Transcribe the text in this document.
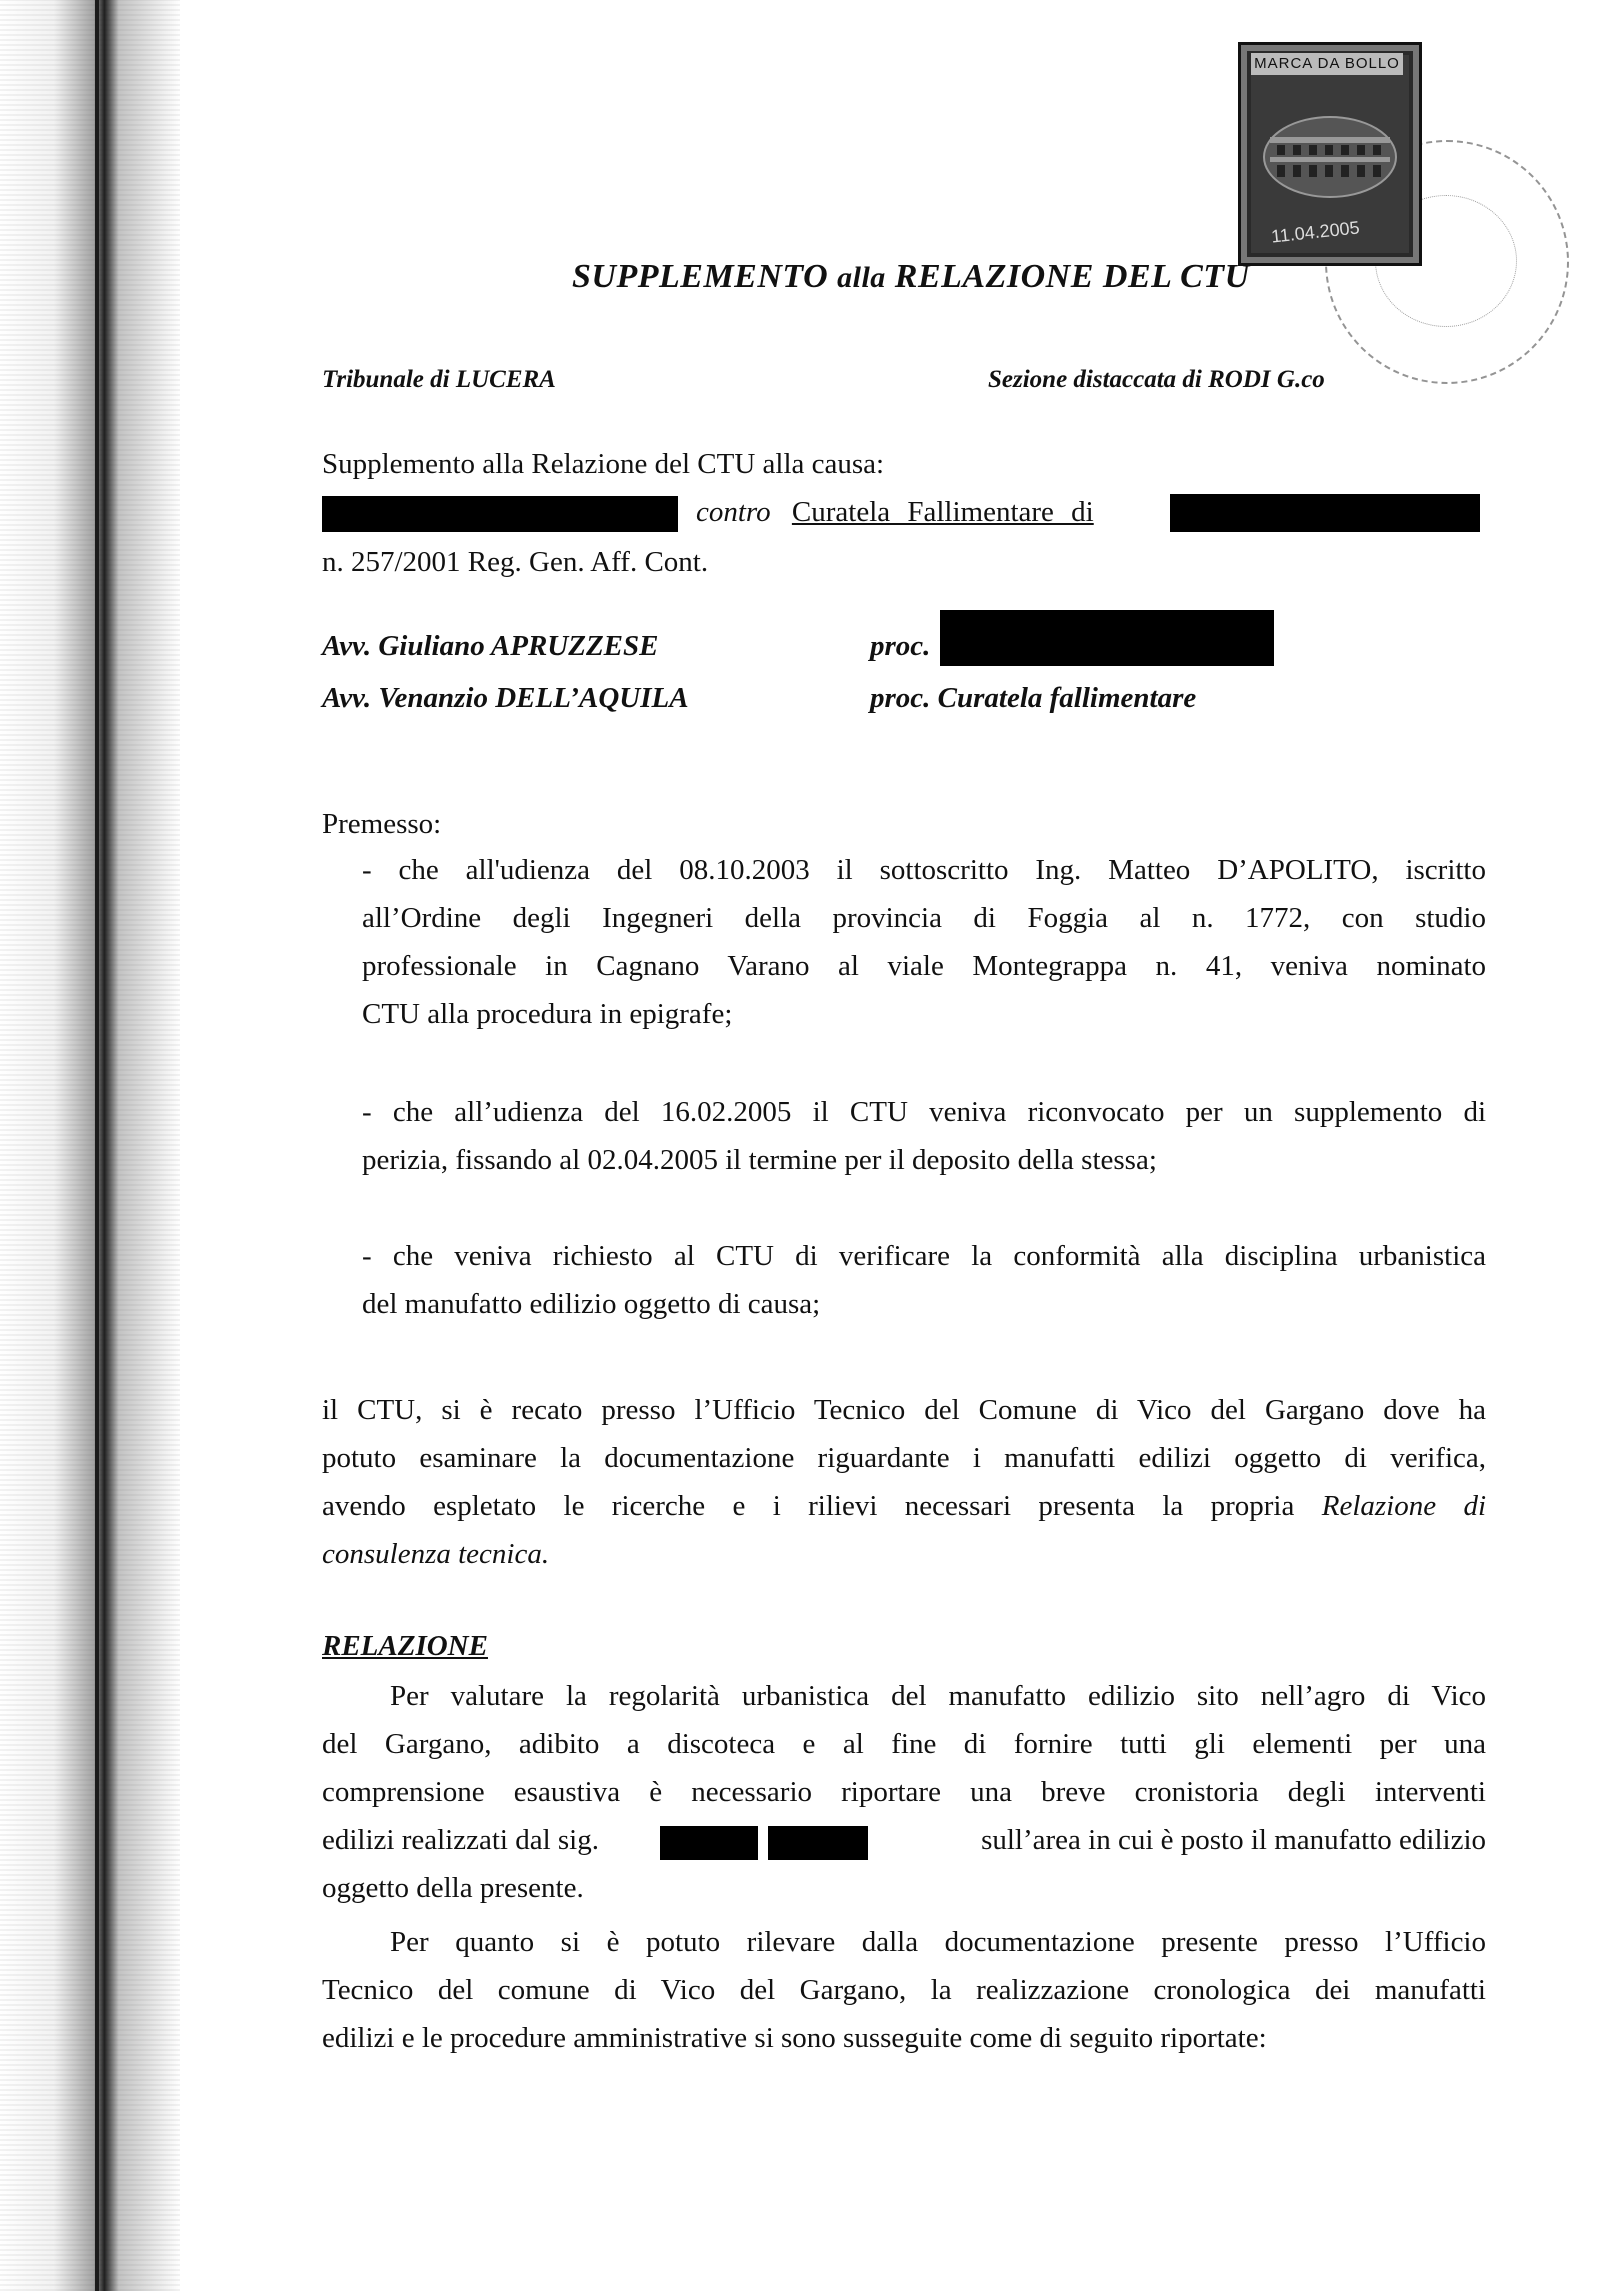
MARCA DA BOLLO
11.04.2005
SUPPLEMENTO alla RELAZIONE DEL CTU
Tribunale di LUCERA	Sezione distaccata di RODI G.co
Supplemento alla Relazione del CTU alla causa:
contro Curatela Fallimentare di
n. 257/2001 Reg. Gen. Aff. Cont.
Avv. Giuliano APRUZZESE	proc.
Avv. Venanzio DELL’AQUILA	proc. Curatela fallimentare
Premesso:
- che all'udienza del 08.10.2003 il sottoscritto Ing. Matteo D’APOLITO, iscritto
all’Ordine degli Ingegneri della provincia di Foggia al n. 1772, con studio
professionale in Cagnano Varano al viale Montegrappa n. 41, veniva nominato
CTU alla procedura in epigrafe;
- che all’udienza del 16.02.2005 il CTU veniva riconvocato per un supplemento di
perizia, fissando al 02.04.2005 il termine per il deposito della stessa;
- che veniva richiesto al CTU di verificare la conformità alla disciplina urbanistica
del manufatto edilizio oggetto di causa;
il CTU, si è recato presso l’Ufficio Tecnico del Comune di Vico del Gargano dove ha
potuto esaminare la documentazione riguardante i manufatti edilizi oggetto di verifica,
avendo espletato le ricerche e i rilievi necessari presenta la propria Relazione di
consulenza tecnica.
RELAZIONE
Per valutare la regolarità urbanistica del manufatto edilizio sito nell’agro di Vico
del Gargano, adibito a discoteca e al fine di fornire tutti gli elementi per una
comprensione esaustiva è necessario riportare una breve cronistoria degli interventi
edilizi realizzati dal sig.	sull’area in cui è posto il manufatto edilizio
oggetto della presente.
Per quanto si è potuto rilevare dalla documentazione presente presso l’Ufficio
Tecnico del comune di Vico del Gargano, la realizzazione cronologica dei manufatti
edilizi e le procedure amministrative si sono susseguite come di seguito riportate:
